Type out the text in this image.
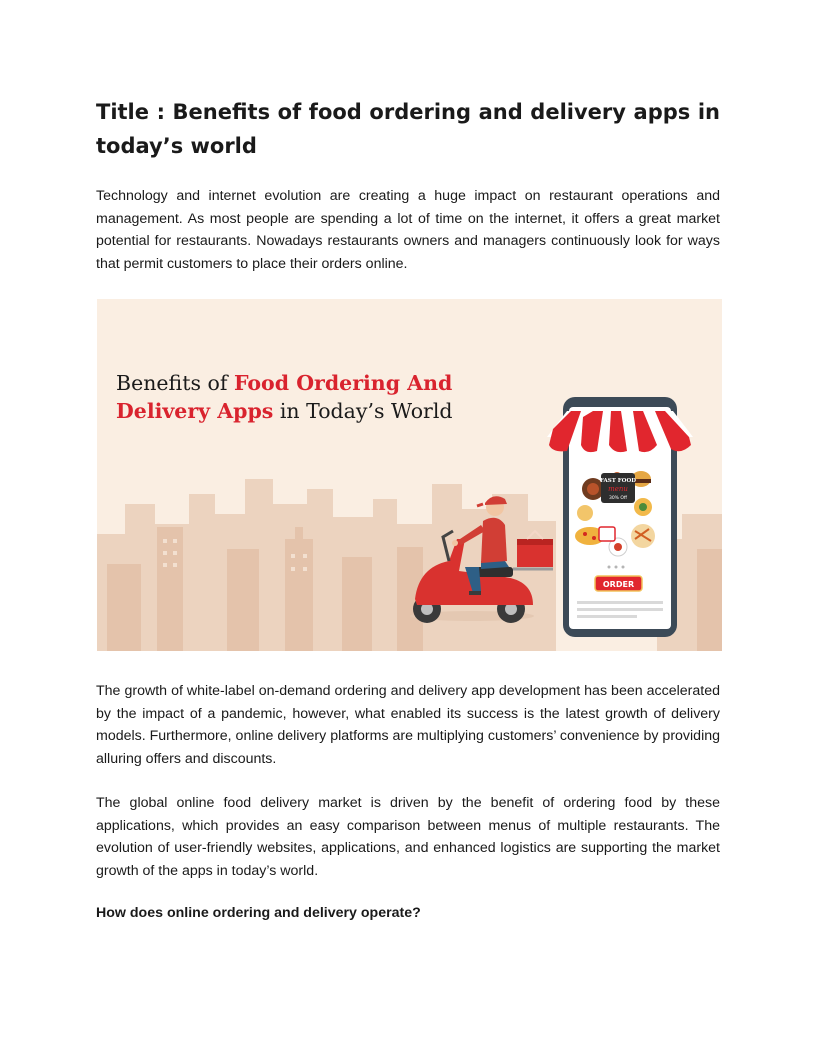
Title : Benefits of food ordering and delivery apps in today’s world

Technology and internet evolution are creating a huge impact on restaurant operations and management. As most people are spending a lot of time on the internet, it offers a great market potential for restaurants. Nowadays restaurants owners and managers continuously look for ways that permit customers to place their orders online.

Benefits of Food Ordering And
Delivery Apps in Today’s World
FAST FOOD
menu
30% Off
ORDER

The growth of white-label on-demand ordering and delivery app development has been accelerated by the impact of a pandemic, however, what enabled its success is the latest growth of delivery models. Furthermore, online delivery platforms are multiplying customers’ convenience by providing alluring offers and discounts.

The global online food delivery market is driven by the benefit of ordering food by these applications, which provides an easy comparison between menus of multiple restaurants. The evolution of user-friendly websites, applications, and enhanced logistics are supporting the market growth of the apps in today’s world.

How does online ordering and delivery operate?
